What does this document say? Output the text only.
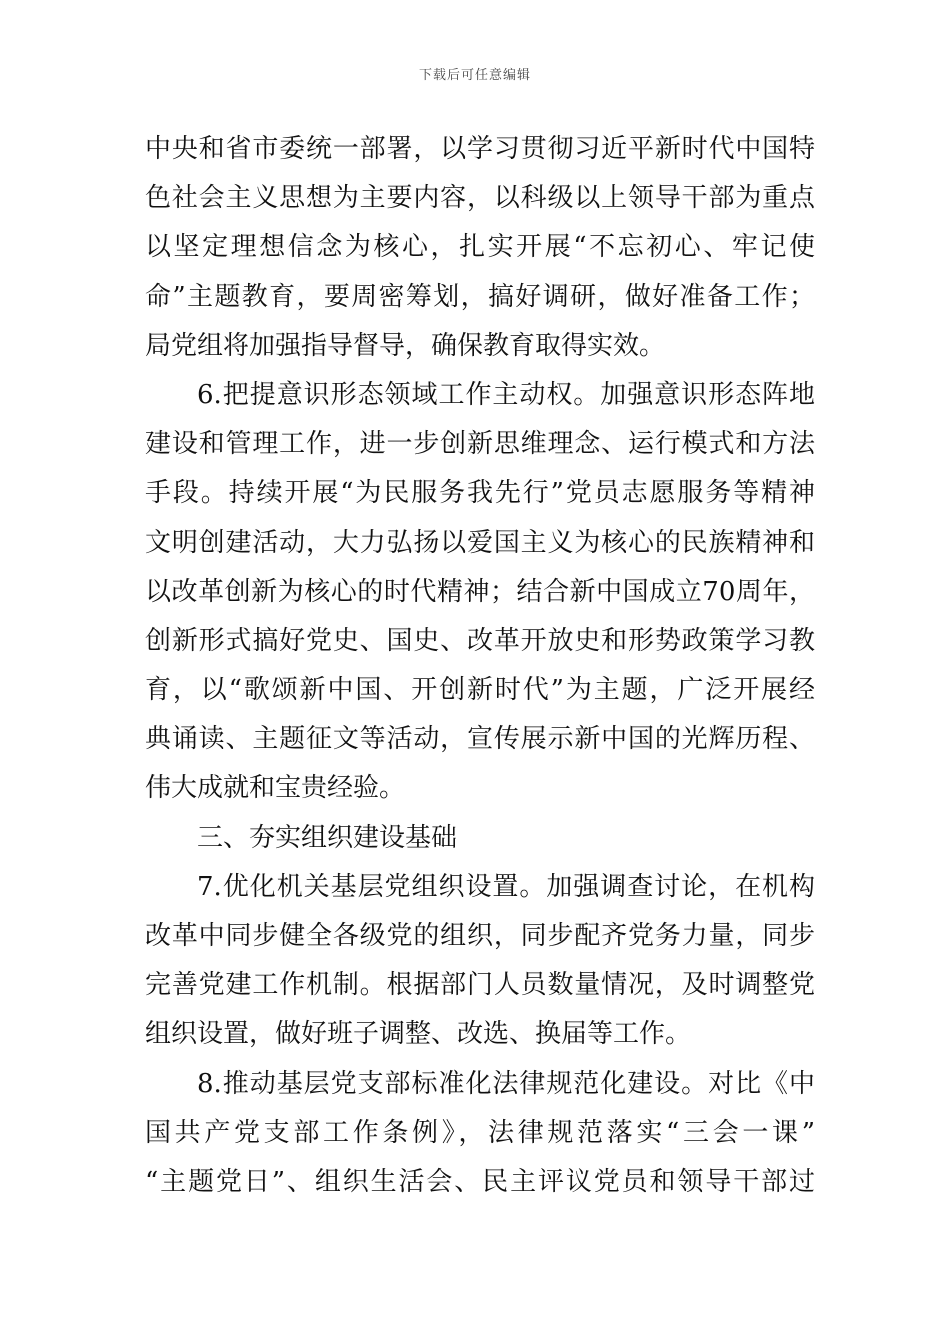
下载后可任意编辑
中央和省市委统一部署，以学习贯彻习近平新时代中国特
色社会主义思想为主要内容，以科级以上领导干部为重点
以坚定理想信念为核心，扎实开展“不忘初心、牢记使
命”主题教育，要周密筹划，搞好调研，做好准备工作；
局党组将加强指导督导，确保教育取得实效。
6.把提意识形态领域工作主动权。加强意识形态阵地
建设和管理工作，进一步创新思维理念、运行模式和方法
手段。持续开展“为民服务我先行”党员志愿服务等精神
文明创建活动，大力弘扬以爱国主义为核心的民族精神和
以改革创新为核心的时代精神；结合新中国成立70周年，
创新形式搞好党史、国史、改革开放史和形势政策学习教
育，以“歌颂新中国、开创新时代”为主题，广泛开展经
典诵读、主题征文等活动，宣传展示新中国的光辉历程、
伟大成就和宝贵经验。
三、夯实组织建设基础
7.优化机关基层党组织设置。加强调查讨论，在机构
改革中同步健全各级党的组织，同步配齐党务力量，同步
完善党建工作机制。根据部门人员数量情况，及时调整党
组织设置，做好班子调整、改选、换届等工作。
8.推动基层党支部标准化法律规范化建设。对比《中
国共产党支部工作条例》，法律规范落实“三会一课”
“主题党日”、组织生活会、民主评议党员和领导干部过
